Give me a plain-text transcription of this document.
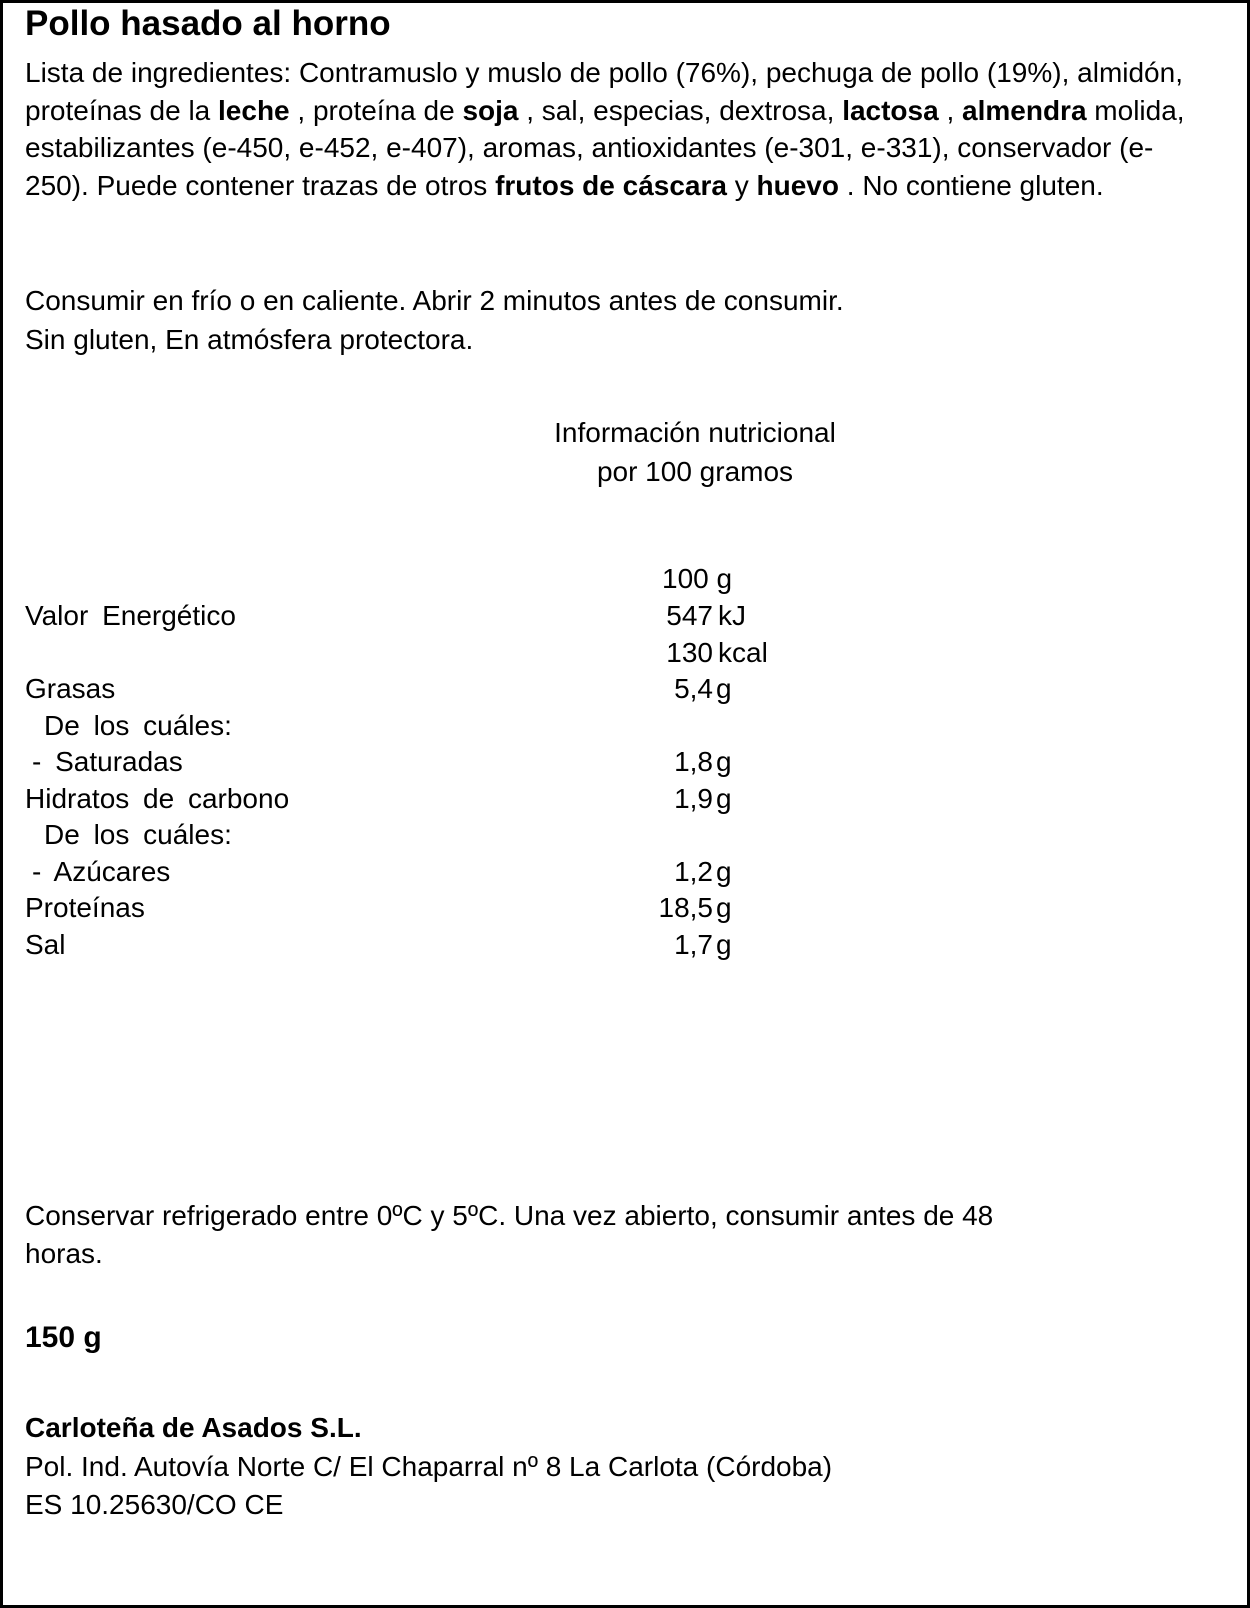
Pollo hasado al horno
Lista de ingredientes: Contramuslo y muslo de pollo (76%), pechuga de pollo (19%), almidón, proteínas de la leche , proteína de soja , sal, especias, dextrosa, lactosa , almendra molida, estabilizantes (e-450, e-452, e-407), aromas, antioxidantes (e-301, e-331), conservador (e-250). Puede contener trazas de otros frutos de cáscara y huevo . No contiene gluten.
Consumir en frío o en caliente. Abrir 2 minutos antes de consumir.
Sin gluten, En atmósfera protectora.
Información nutricional
por 100 gramos
100 g
Valor Energético	547 kJ
130 kcal
Grasas	5,4 g
De los cuáles:
- Saturadas	1,8 g
Hidratos de carbono	1,9 g
De los cuáles:
- Azúcares	1,2 g
Proteínas	18,5 g
Sal	1,7 g
Conservar refrigerado entre 0ºC y 5ºC. Una vez abierto, consumir antes de 48
horas.
150 g
Carloteña de Asados S.L.
Pol. Ind. Autovía Norte C/ El Chaparral nº 8 La Carlota (Córdoba)
ES 10.25630/CO CE
